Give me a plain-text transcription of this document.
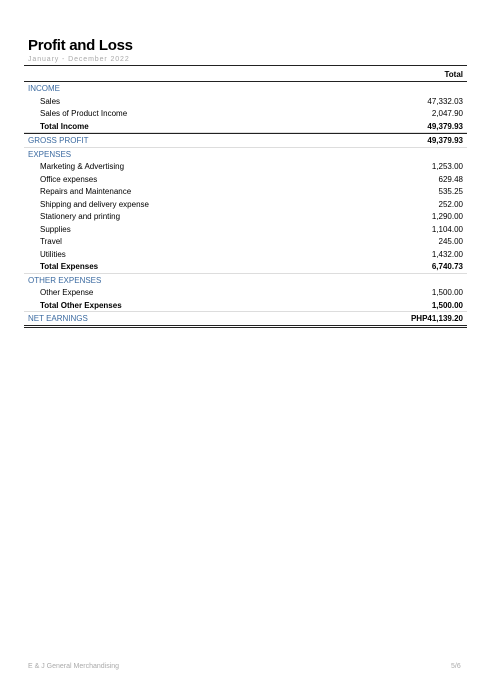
Profit and Loss
January - December 2022
Total
INCOME
Sales	47,332.03
Sales of Product Income	2,047.90
Total Income	49,379.93
GROSS PROFIT	49,379.93
EXPENSES
Marketing & Advertising	1,253.00
Office expenses	629.48
Repairs and Maintenance	535.25
Shipping and delivery expense	252.00
Stationery and printing	1,290.00
Supplies	1,104.00
Travel	245.00
Utilities	1,432.00
Total Expenses	6,740.73
OTHER EXPENSES
Other Expense	1,500.00
Total Other Expenses	1,500.00
NET EARNINGS	PHP41,139.20
E & J General Merchandising	5/6
